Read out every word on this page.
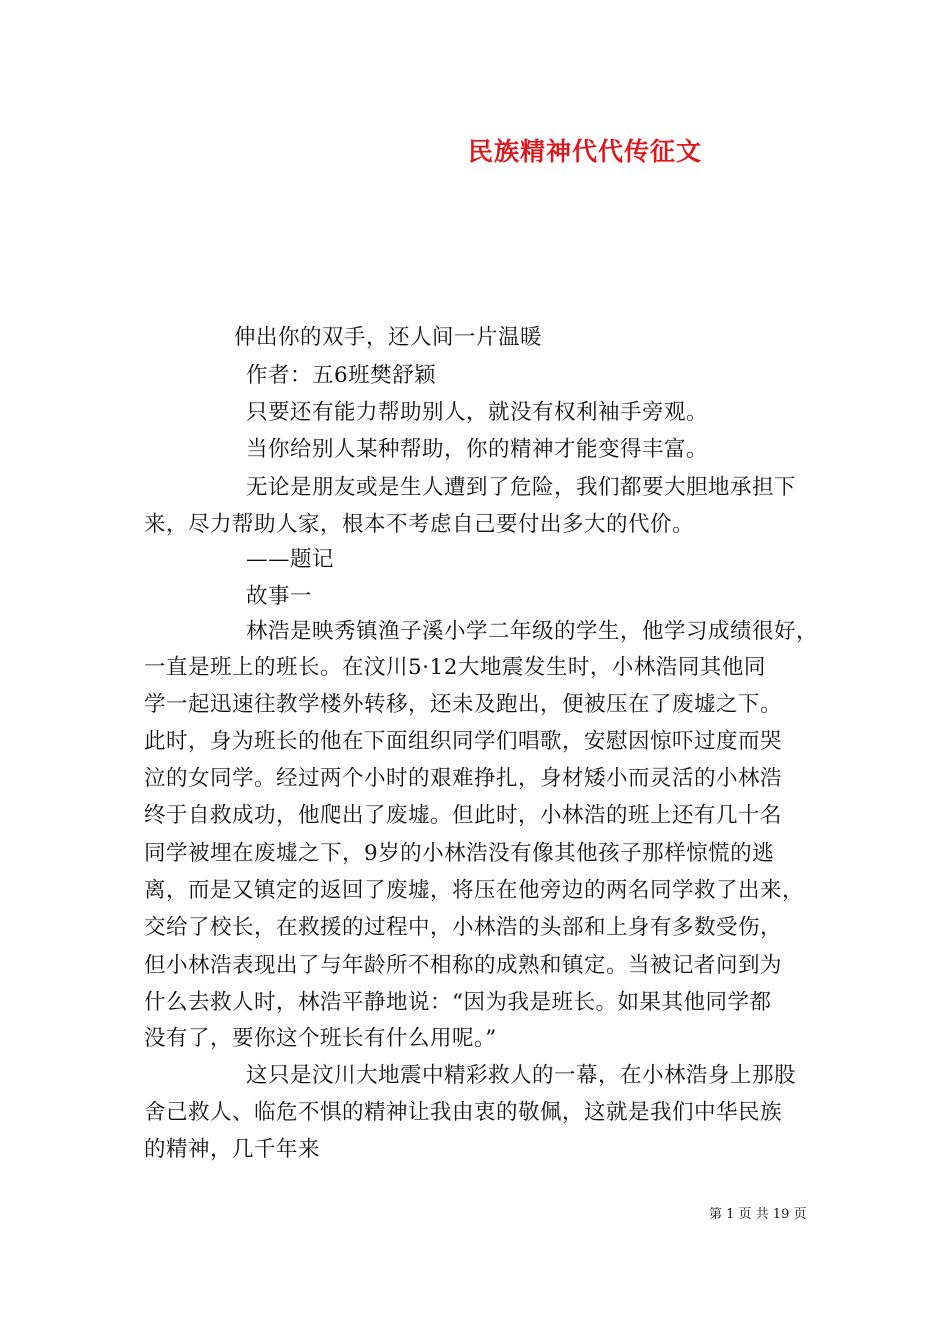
民族精神代代传征文
伸出你的双手，还人间一片温暖
作者：五6班樊舒颖
只要还有能力帮助别人，就没有权利袖手旁观。
当你给别人某种帮助，你的精神才能变得丰富。
无论是朋友或是生人遭到了危险，我们都要大胆地承担下
来，尽力帮助人家，根本不考虑自己要付出多大的代价。
——题记
故事一
林浩是映秀镇渔子溪小学二年级的学生，他学习成绩很好，
一直是班上的班长。在汶川5·12大地震发生时，小林浩同其他同
学一起迅速往教学楼外转移，还未及跑出，便被压在了废墟之下。
此时，身为班长的他在下面组织同学们唱歌，安慰因惊吓过度而哭
泣的女同学。经过两个小时的艰难挣扎，身材矮小而灵活的小林浩
终于自救成功，他爬出了废墟。但此时，小林浩的班上还有几十名
同学被埋在废墟之下，9岁的小林浩没有像其他孩子那样惊慌的逃
离，而是又镇定的返回了废墟，将压在他旁边的两名同学救了出来，
交给了校长，在救援的过程中，小林浩的头部和上身有多数受伤，
但小林浩表现出了与年龄所不相称的成熟和镇定。当被记者问到为
什么去救人时，林浩平静地说：“因为我是班长。如果其他同学都
没有了，要你这个班长有什么用呢。”
这只是汶川大地震中精彩救人的一幕，在小林浩身上那股
舍己救人、临危不惧的精神让我由衷的敬佩，这就是我们中华民族
的精神，几千年来
第 1 页 共 19 页
